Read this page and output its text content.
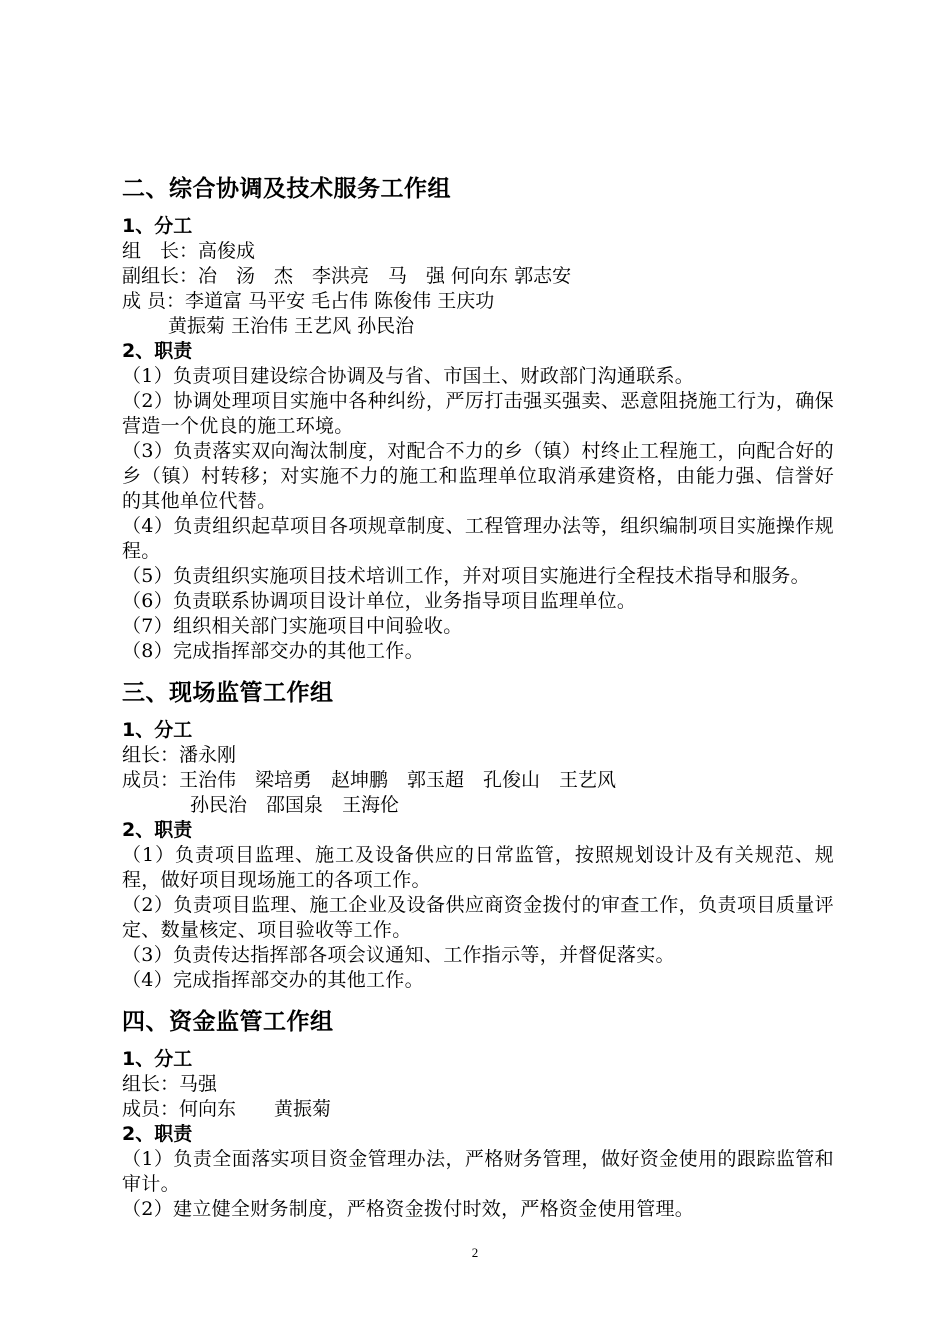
二、综合协调及技术服务工作组
1、分工
组　长：高俊成
副组长：冶　汤　杰　李洪亮　马　强 何向东 郭志安
成 员：李道富 马平安 毛占伟 陈俊伟 王庆功
黄振菊 王治伟 王艺风 孙民治
2、职责
（1）负责项目建设综合协调及与省、市国土、财政部门沟通联系。
（2）协调处理项目实施中各种纠纷，严厉打击强买强卖、恶意阻挠施工行为，确保营造一个优良的施工环境。
（3）负责落实双向淘汰制度，对配合不力的乡（镇）村终止工程施工，向配合好的乡（镇）村转移；对实施不力的施工和监理单位取消承建资格，由能力强、信誉好的其他单位代替。
（4）负责组织起草项目各项规章制度、工程管理办法等，组织编制项目实施操作规程。
（5）负责组织实施项目技术培训工作，并对项目实施进行全程技术指导和服务。
（6）负责联系协调项目设计单位，业务指导项目监理单位。
（7）组织相关部门实施项目中间验收。
（8）完成指挥部交办的其他工作。
三、现场监管工作组
1、分工
组长：潘永刚
成员：王治伟　梁培勇　赵坤鹏　郭玉超　孔俊山　王艺风
孙民治　邵国泉　王海伦
2、职责
（1）负责项目监理、施工及设备供应的日常监管，按照规划设计及有关规范、规程，做好项目现场施工的各项工作。
（2）负责项目监理、施工企业及设备供应商资金拨付的审查工作，负责项目质量评定、数量核定、项目验收等工作。
（3）负责传达指挥部各项会议通知、工作指示等，并督促落实。
（4）完成指挥部交办的其他工作。
四、资金监管工作组
1、分工
组长：马强
成员：何向东　　黄振菊
2、职责
（1）负责全面落实项目资金管理办法，严格财务管理，做好资金使用的跟踪监管和审计。
（2）建立健全财务制度，严格资金拨付时效，严格资金使用管理。
2
